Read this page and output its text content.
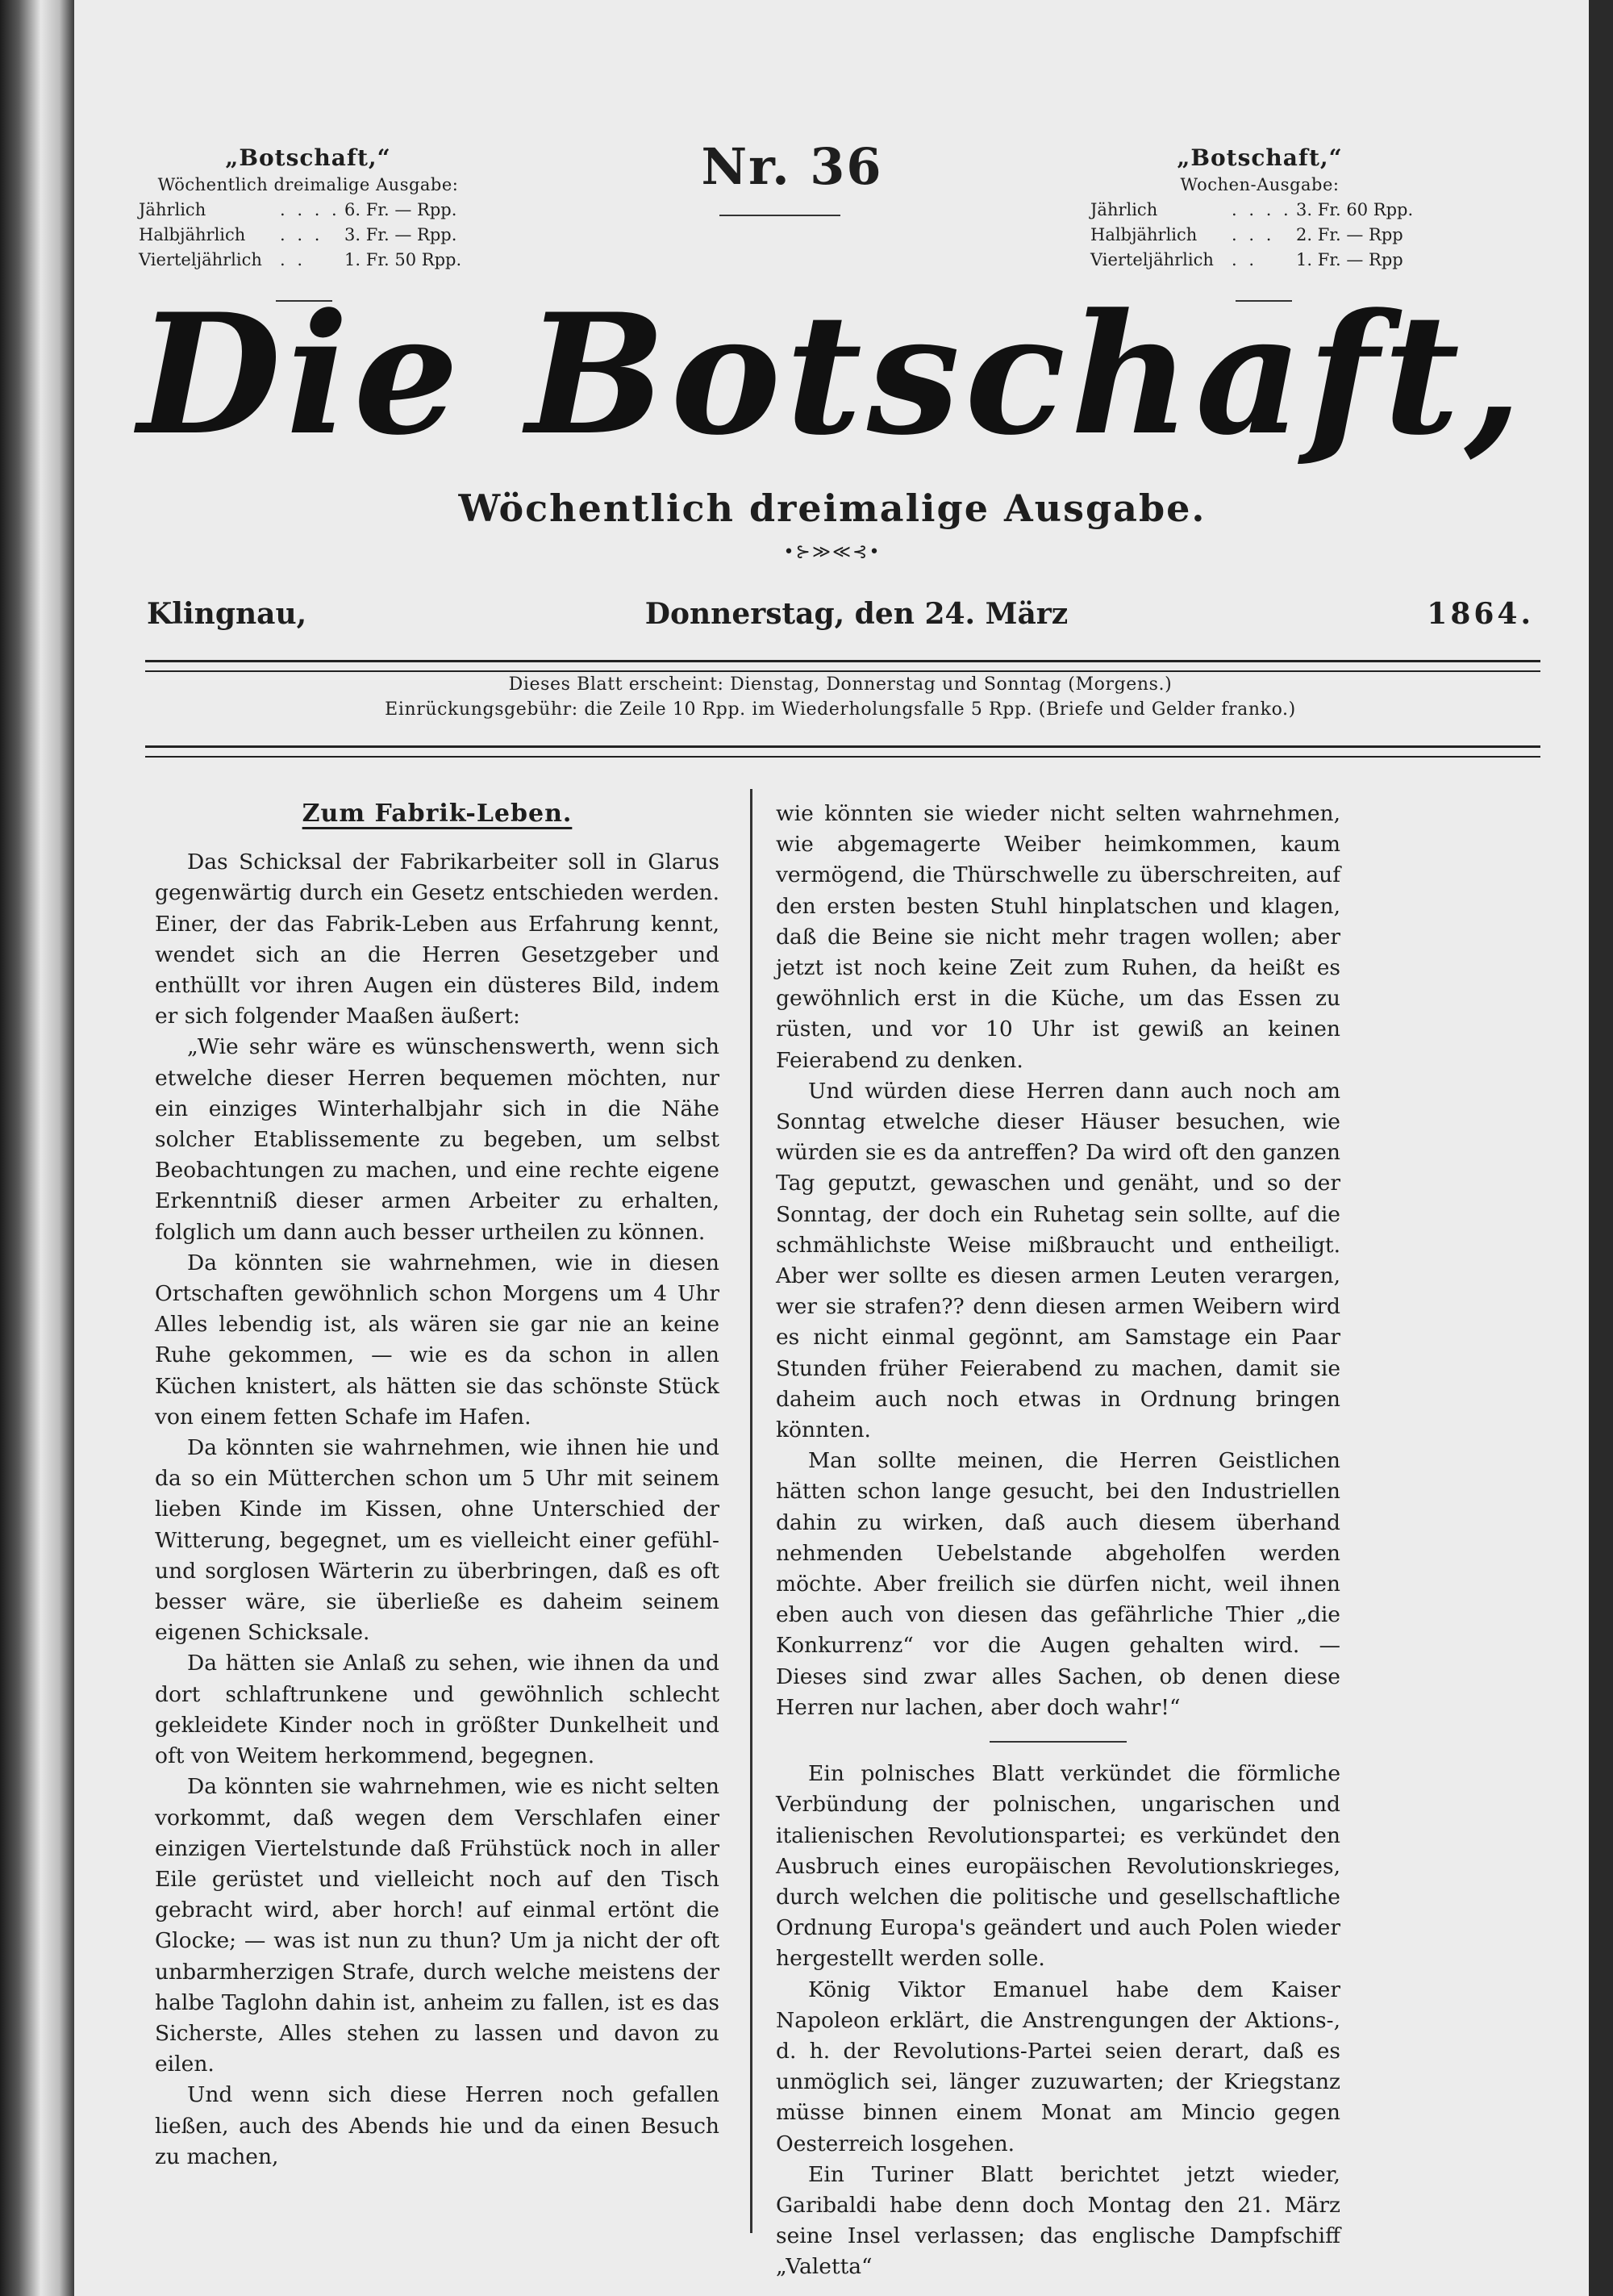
„Botschaft,“
Wöchentlich dreimalige Ausgabe:
Jährlich	. . . . 6. Fr. — Rpp.
Halbjährlich	. . .	3. Fr. — Rpp.
Vierteljährlich	. .	1. Fr. 50 Rpp.
Nr. 36	„Botschaft,“
Wochen-Ausgabe:
Jährlich	. . . . 3. Fr. 60 Rpp.
Halbjährlich	. . .	2. Fr. — Rpp
Vierteljährlich	. .	1. Fr. — Rpp
Die Botschaft,
Wöchentlich dreimalige Ausgabe.
•⊱≫≪⊰•
Klingnau,	Donnerstag, den 24. März	1864.
Dieses Blatt erscheint: Dienstag, Donnerstag und Sonntag (Morgens.)
Einrückungsgebühr: die Zeile 10 Rpp. im Wiederholungsfalle 5 Rpp. (Briefe und Gelder franko.)
Zum Fabrik-Leben.

Das Schicksal der Fabrikarbeiter soll in Glarus gegenwärtig durch ein Gesetz entschieden werden. Einer, der das Fabrik-Leben aus Erfahrung kennt, wendet sich an die Herren Gesetzgeber und enthüllt vor ihren Augen ein düsteres Bild, indem er sich folgender Maaßen äußert:

„Wie sehr wäre es wünschenswerth, wenn sich etwelche dieser Herren bequemen möchten, nur ein einziges Winterhalbjahr sich in die Nähe solcher Etablissemente zu begeben, um selbst Beobachtungen zu machen, und eine rechte eigene Erkenntniß dieser armen Arbeiter zu erhalten, folglich um dann auch besser urtheilen zu können.

Da könnten sie wahrnehmen, wie in diesen Ortschaften gewöhnlich schon Morgens um 4 Uhr Alles lebendig ist, als wären sie gar nie an keine Ruhe gekommen, — wie es da schon in allen Küchen knistert, als hätten sie das schönste Stück von einem fetten Schafe im Hafen.

Da könnten sie wahrnehmen, wie ihnen hie und da so ein Mütterchen schon um 5 Uhr mit seinem lieben Kinde im Kissen, ohne Unterschied der Witterung, begegnet, um es vielleicht einer gefühl- und sorglosen Wärterin zu überbringen, daß es oft besser wäre, sie überließe es daheim seinem eigenen Schicksale.

Da hätten sie Anlaß zu sehen, wie ihnen da und dort schlaftrunkene und gewöhnlich schlecht gekleidete Kinder noch in größter Dunkelheit und oft von Weitem herkommend, begegnen.

Da könnten sie wahrnehmen, wie es nicht selten vorkommt, daß wegen dem Verschlafen einer einzigen Viertelstunde daß Frühstück noch in aller Eile gerüstet und vielleicht noch auf den Tisch gebracht wird, aber horch! auf einmal ertönt die Glocke; — was ist nun zu thun? Um ja nicht der oft unbarmherzigen Strafe, durch welche meistens der halbe Taglohn dahin ist, anheim zu fallen, ist es das Sicherste, Alles stehen zu lassen und davon zu eilen.

Und wenn sich diese Herren noch gefallen ließen, auch des Abends hie und da einen Besuch zu machen,

wie könnten sie wieder nicht selten wahrnehmen, wie abgemagerte Weiber heimkommen, kaum vermögend, die Thürschwelle zu überschreiten, auf den ersten besten Stuhl hinplatschen und klagen, daß die Beine sie nicht mehr tragen wollen; aber jetzt ist noch keine Zeit zum Ruhen, da heißt es gewöhnlich erst in die Küche, um das Essen zu rüsten, und vor 10 Uhr ist gewiß an keinen Feierabend zu denken.

Und würden diese Herren dann auch noch am Sonntag etwelche dieser Häuser besuchen, wie würden sie es da antreffen? Da wird oft den ganzen Tag geputzt, gewaschen und genäht, und so der Sonntag, der doch ein Ruhetag sein sollte, auf die schmählichste Weise mißbraucht und entheiligt. Aber wer sollte es diesen armen Leuten verargen, wer sie strafen?? denn diesen armen Weibern wird es nicht einmal gegönnt, am Samstage ein Paar Stunden früher Feierabend zu machen, damit sie daheim auch noch etwas in Ordnung bringen könnten.

Man sollte meinen, die Herren Geistlichen hätten schon lange gesucht, bei den Industriellen dahin zu wirken, daß auch diesem überhand nehmenden Uebelstande abgeholfen werden möchte. Aber freilich sie dürfen nicht, weil ihnen eben auch von diesen das gefährliche Thier „die Konkurrenz“ vor die Augen gehalten wird. — Dieses sind zwar alles Sachen, ob denen diese Herren nur lachen, aber doch wahr!“

Ein polnisches Blatt verkündet die förmliche Verbündung der polnischen, ungarischen und italienischen Revolutionspartei; es verkündet den Ausbruch eines europäischen Revolutionskrieges, durch welchen die politische und gesellschaftliche Ordnung Europa's geändert und auch Polen wieder hergestellt werden solle.

König Viktor Emanuel habe dem Kaiser Napoleon erklärt, die Anstrengungen der Aktions-, d. h. der Revolutions-Partei seien derart, daß es unmöglich sei, länger zuzuwarten; der Kriegstanz müsse binnen einem Monat am Mincio gegen Oesterreich losgehen.

Ein Turiner Blatt berichtet jetzt wieder, Garibaldi habe denn doch Montag den 21. März seine Insel verlassen; das englische Dampfschiff „Valetta“
